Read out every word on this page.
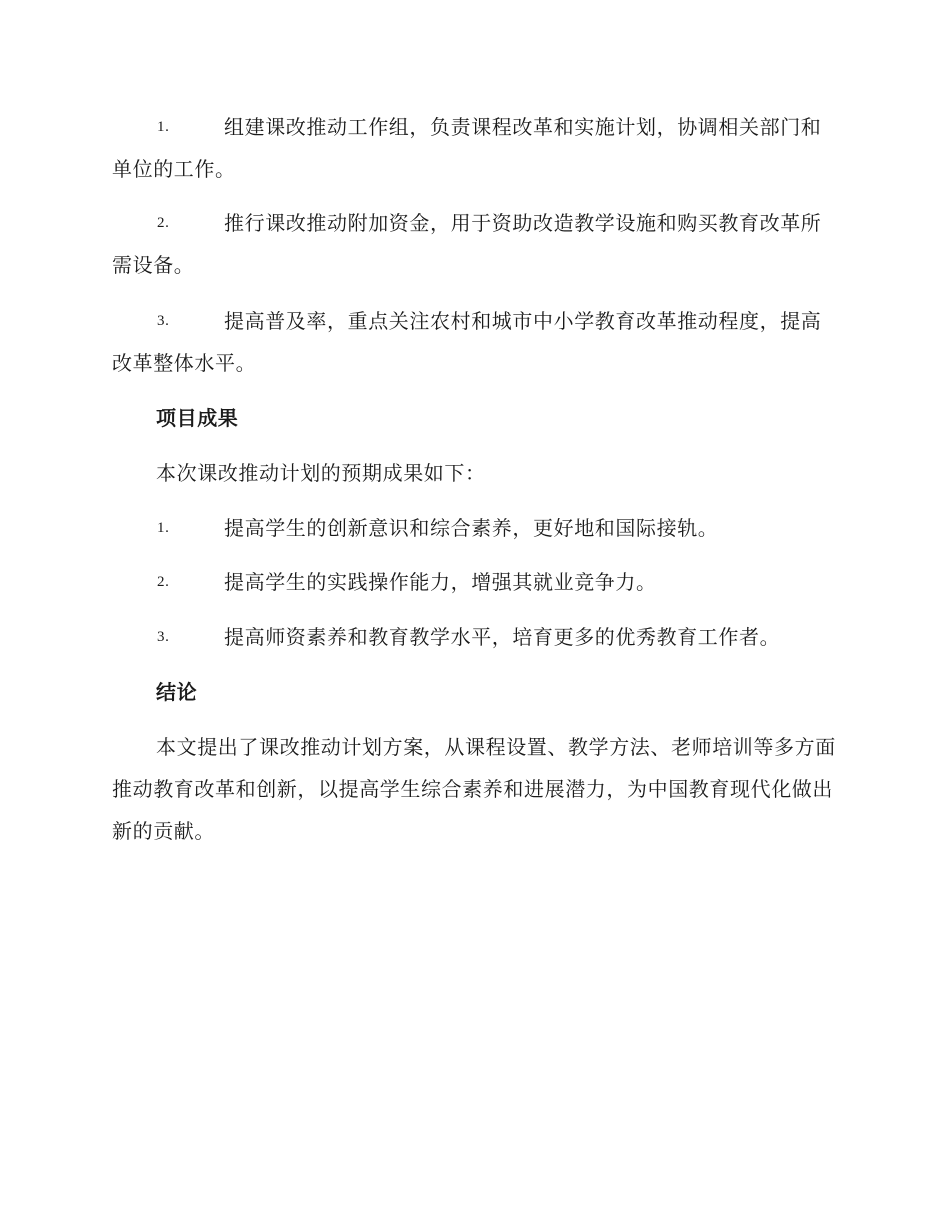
1.	组建课改推动工作组，负责课程改革和实施计划，协调相关部门和单位的工作。
2.	推行课改推动附加资金，用于资助改造教学设施和购买教育改革所需设备。
3.	提高普及率，重点关注农村和城市中小学教育改革推动程度，提高改革整体水平。
项目成果
本次课改推动计划的预期成果如下：
1.	提高学生的创新意识和综合素养，更好地和国际接轨。
2.	提高学生的实践操作能力，增强其就业竞争力。
3.	提高师资素养和教育教学水平，培育更多的优秀教育工作者。
结论
本文提出了课改推动计划方案，从课程设置、教学方法、老师培训等多方面推动教育改革和创新，以提高学生综合素养和进展潜力，为中国教育现代化做出新的贡献。
